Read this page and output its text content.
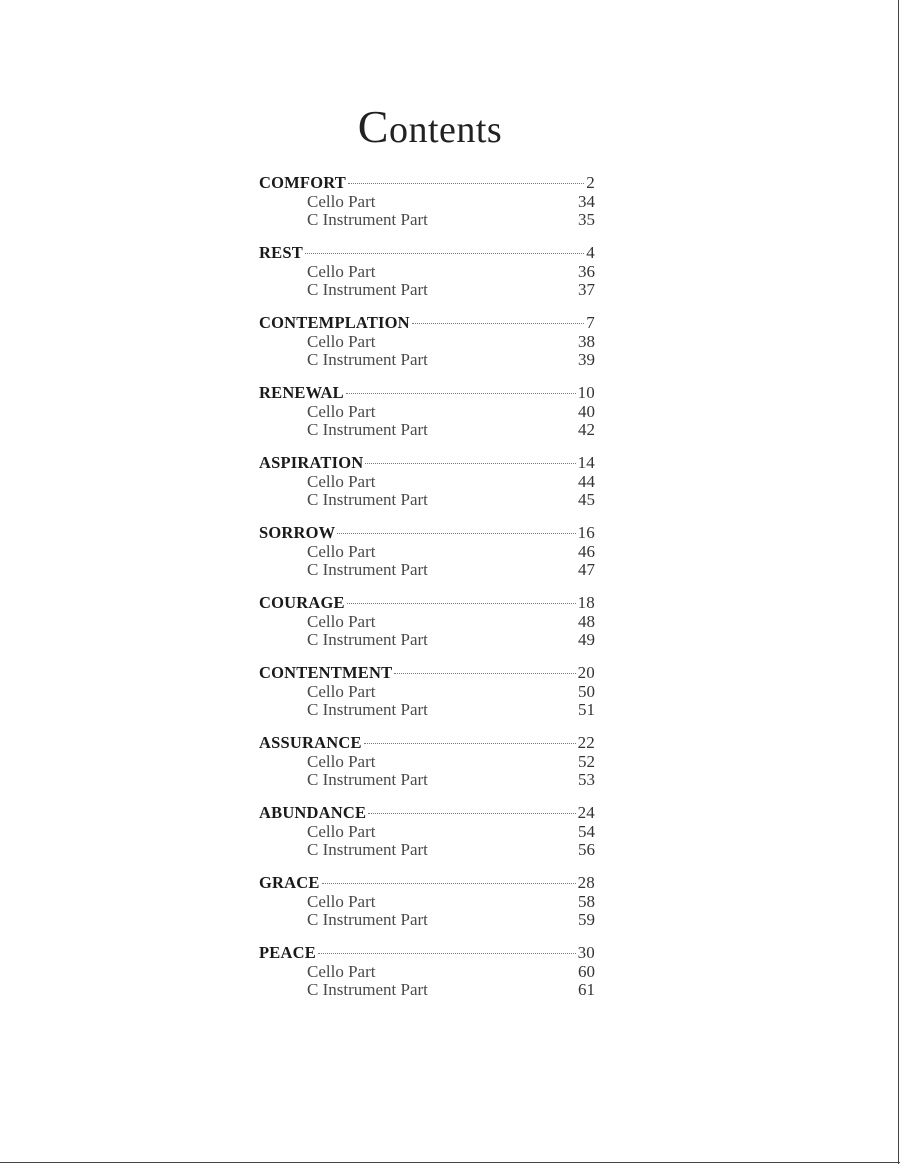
Contents
COMFORT	2
Cello Part	34
C Instrument Part	35
REST	4
Cello Part	36
C Instrument Part	37
CONTEMPLATION	7
Cello Part	38
C Instrument Part	39
RENEWAL	10
Cello Part	40
C Instrument Part	42
ASPIRATION	14
Cello Part	44
C Instrument Part	45
SORROW	16
Cello Part	46
C Instrument Part	47
COURAGE	18
Cello Part	48
C Instrument Part	49
CONTENTMENT	20
Cello Part	50
C Instrument Part	51
ASSURANCE	22
Cello Part	52
C Instrument Part	53
ABUNDANCE	24
Cello Part	54
C Instrument Part	56
GRACE	28
Cello Part	58
C Instrument Part	59
PEACE	30
Cello Part	60
C Instrument Part	61
